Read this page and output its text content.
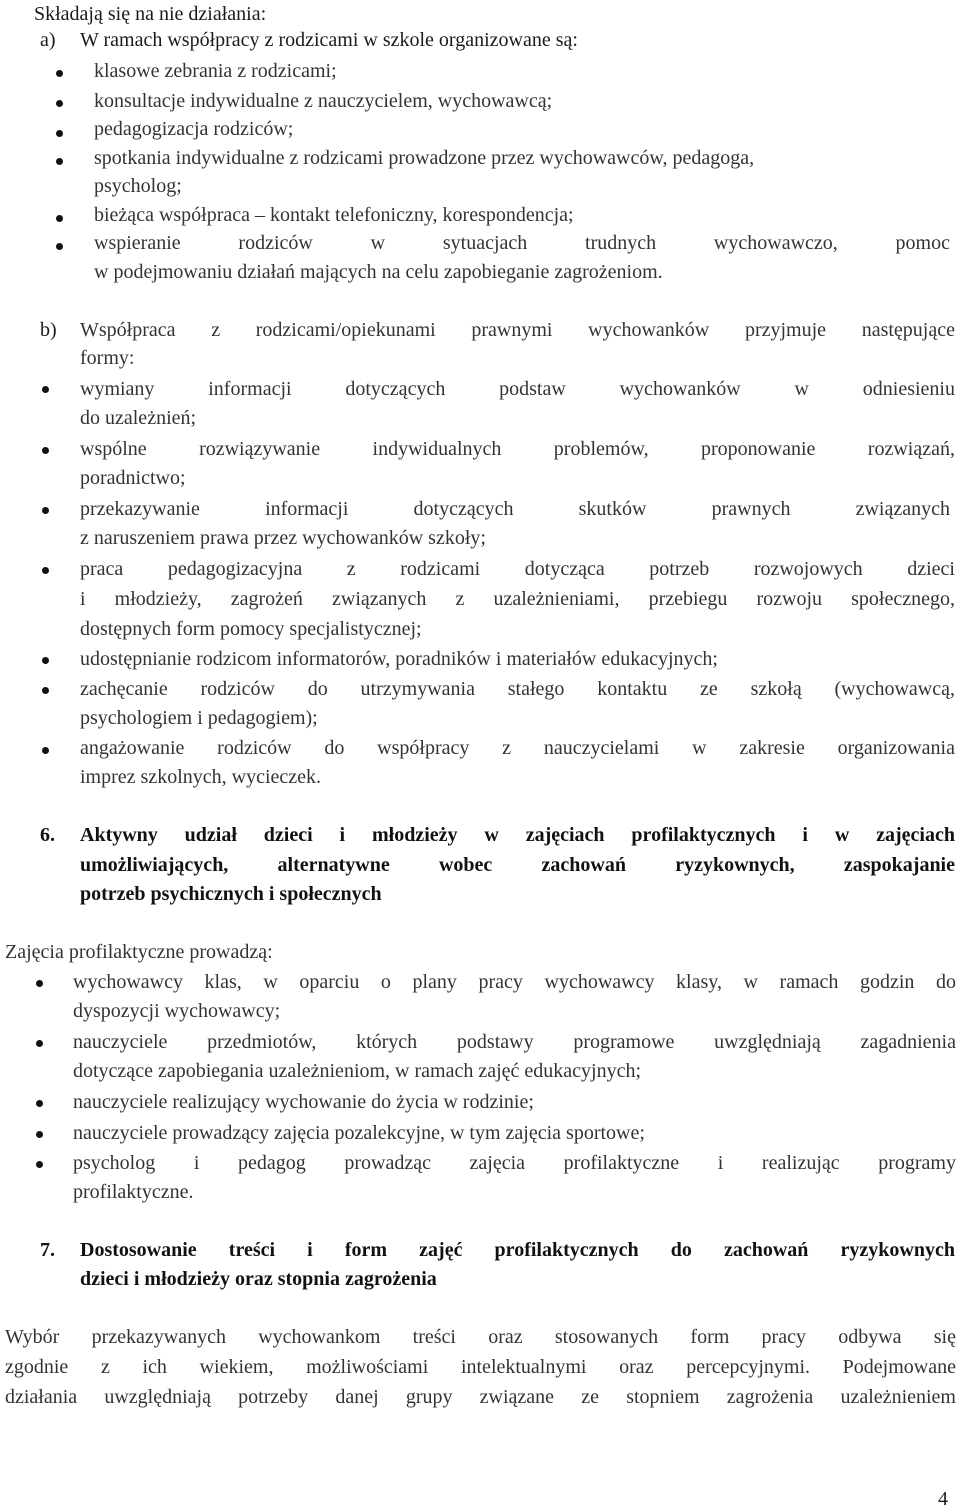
Składają się na nie działania:
a) W ramach współpracy z rodzicami w szkole organizowane są:
klasowe zebrania z rodzicami;
konsultacje indywidualne z nauczycielem, wychowawcą;
pedagogizacja rodziców;
spotkania indywidualne z rodzicami prowadzone przez wychowawców, pedagoga,
psycholog;
bieżąca współpraca – kontakt telefoniczny, korespondencja;
wspieranie rodziców w sytuacjach trudnych wychowawczo, pomoc
w podejmowaniu działań mających na celu zapobieganie zagrożeniom.
b) Współpraca z rodzicami/opiekunami prawnymi wychowanków przyjmuje następujące
formy:
wymiany informacji dotyczących podstaw wychowanków w odniesieniu
do uzależnień;
wspólne rozwiązywanie indywidualnych problemów, proponowanie rozwiązań,
poradnictwo;
przekazywanie informacji dotyczących skutków prawnych związanych
z naruszeniem prawa przez wychowanków szkoły;
praca pedagogizacyjna z rodzicami dotycząca potrzeb rozwojowych dzieci
i młodzieży, zagrożeń związanych z uzależnieniami, przebiegu rozwoju społecznego,
dostępnych form pomocy specjalistycznej;
udostępnianie rodzicom informatorów, poradników i materiałów edukacyjnych;
zachęcanie rodziców do utrzymywania stałego kontaktu ze szkołą (wychowawcą,
psychologiem i pedagogiem);
angażowanie rodziców do współpracy z nauczycielami w zakresie organizowania
imprez szkolnych, wycieczek.
6. Aktywny udział dzieci i młodzieży w zajęciach profilaktycznych i w zajęciach
umożliwiających, alternatywne wobec zachowań ryzykownych, zaspokajanie
potrzeb psychicznych i społecznych
Zajęcia profilaktyczne prowadzą:
wychowawcy klas, w oparciu o plany pracy wychowawcy klasy, w ramach godzin do
dyspozycji wychowawcy;
nauczyciele przedmiotów, których podstawy programowe uwzględniają zagadnienia
dotyczące zapobiegania uzależnieniom, w ramach zajęć edukacyjnych;
nauczyciele realizujący wychowanie do życia w rodzinie;
nauczyciele prowadzący zajęcia pozalekcyjne, w tym zajęcia sportowe;
psycholog i pedagog prowadząc zajęcia profilaktyczne i realizując programy
profilaktyczne.
7. Dostosowanie treści i form zajęć profilaktycznych do zachowań ryzykownych
dzieci i młodzieży oraz stopnia zagrożenia
Wybór przekazywanych wychowankom treści oraz stosowanych form pracy odbywa się
zgodnie z ich wiekiem, możliwościami intelektualnymi oraz percepcyjnymi. Podejmowane
działania uwzględniają potrzeby danej grupy związane ze stopniem zagrożenia uzależnieniem
4
